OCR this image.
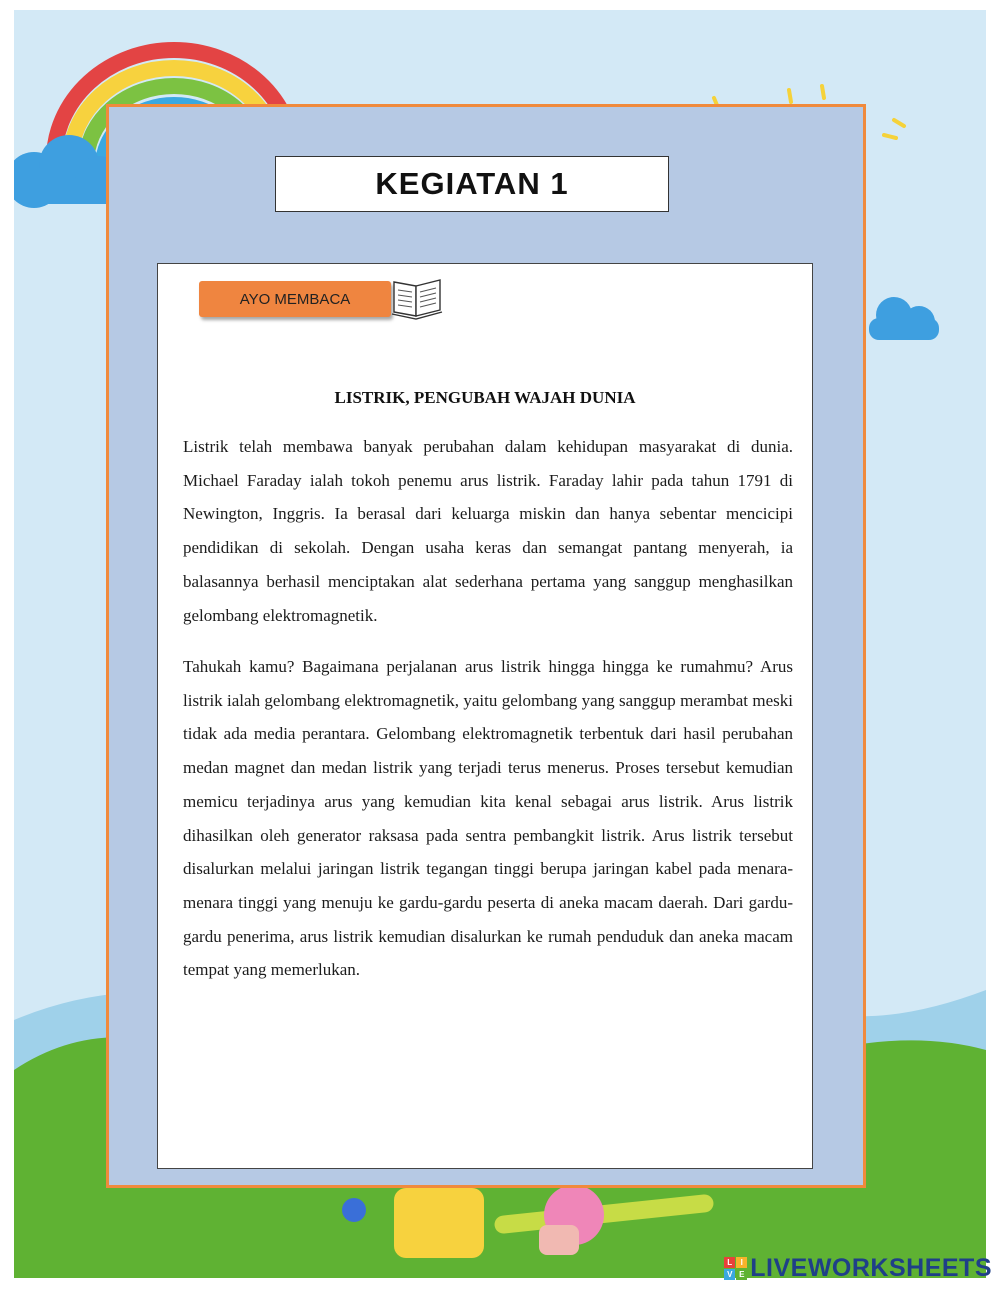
KEGIATAN 1
AYO MEMBACA
LISTRIK, PENGUBAH WAJAH DUNIA

Listrik telah membawa banyak perubahan dalam kehidupan masyarakat di dunia. Michael Faraday ialah tokoh penemu arus listrik. Faraday lahir pada tahun 1791 di Newington, Inggris. Ia berasal dari keluarga miskin dan hanya sebentar mencicipi pendidikan di sekolah. Dengan usaha keras dan semangat pantang menyerah, ia balasannya berhasil menciptakan alat sederhana pertama yang sanggup menghasilkan gelombang elektromagnetik.

Tahukah kamu? Bagaimana perjalanan arus listrik hingga hingga ke rumahmu? Arus listrik ialah gelombang elektromagnetik, yaitu gelombang yang sanggup merambat meski tidak ada media perantara. Gelombang elektromagnetik terbentuk dari hasil perubahan medan magnet dan medan listrik yang terjadi terus menerus. Proses tersebut kemudian memicu terjadinya arus yang kemudian kita kenal sebagai arus listrik. Arus listrik dihasilkan oleh generator raksasa pada sentra pembangkit listrik. Arus listrik tersebut disalurkan melalui jaringan listrik tegangan tinggi berupa jaringan kabel pada menara-menara tinggi yang menuju ke gardu-gardu peserta di aneka macam daerah. Dari gardu-gardu penerima, arus listrik kemudian disalurkan ke rumah penduduk dan aneka macam tempat yang memerlukan.

L	I
V E LIVEWORKSHEETS
